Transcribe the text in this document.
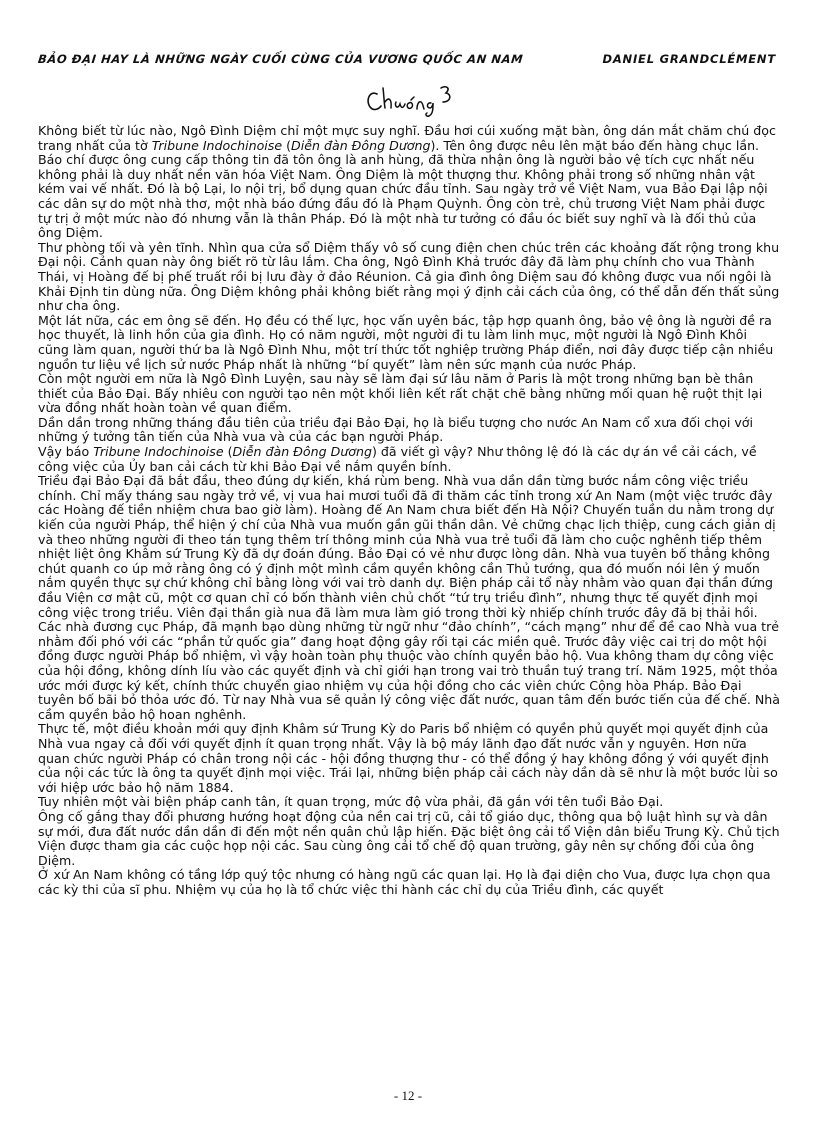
BẢO ĐẠI HAY LÀ NHỮNG NGÀY CUỐI CÙNG CỦA VƯƠNG QUỐC AN NAM	DANIEL GRANDCLÉMENT

Không biết từ lúc nào, Ngô Đình Diệm chỉ một mực suy nghĩ. Đầu hơi cúi xuống mặt bàn, ông dán mắt chăm chú đọc trang nhất của tờ Tribune Indochinoise (Diễn đàn Đông Dương). Tên ông được nêu lên mặt báo đến hàng chục lần. Báo chí được ông cung cấp thông tin đã tôn ông là anh hùng, đã thừa nhận ông là người bảo vệ tích cực nhất nếu không phải là duy nhất nền văn hóa Việt Nam. Ông Diệm là một thượng thư. Không phải trong số những nhân vật kém vai vế nhất. Đó là bộ Lại, lo nội trị, bổ dụng quan chức đầu tỉnh. Sau ngày trở về Việt Nam, vua Bảo Đại lập nội các dân sự do một nhà thơ, một nhà báo đứng đầu đó là Phạm Quỳnh. Ông còn trẻ, chủ trương Việt Nam phải được tự trị ở một mức nào đó nhưng vẫn là thân Pháp. Đó là một nhà tư tưởng có đầu óc biết suy nghĩ và là đối thủ của ông Diệm.

Thư phòng tối và yên tĩnh. Nhìn qua cửa sổ Diệm thấy vô số cung điện chen chúc trên các khoảng đất rộng trong khu Đại nội. Cảnh quan này ông biết rõ từ lâu lắm. Cha ông, Ngô Đình Khả trước đây đã làm phụ chính cho vua Thành Thái, vị Hoàng đế bị phế truất rồi bị lưu đày ở đảo Réunion. Cả gia đình ông Diệm sau đó không được vua nối ngôi là Khải Định tin dùng nữa. Ông Diệm không phải không biết rằng mọi ý định cải cách của ông, có thể dẫn đến thất sủng như cha ông.

Một lát nữa, các em ông sẽ đến. Họ đều có thế lực, học vấn uyên bác, tập hợp quanh ông, bảo vệ ông là người đề ra học thuyết, là linh hồn của gia đình. Họ có năm người, một người đi tu làm linh mục, một người là Ngô Đình Khôi cũng làm quan, người thứ ba là Ngô Đình Nhu, một trí thức tốt nghiệp trường Pháp điển, nơi đây được tiếp cận nhiều nguồn tư liệu về lịch sử nước Pháp nhất là những “bí quyết” làm nên sức mạnh của nước Pháp.

Còn một người em nữa là Ngô Đình Luyện, sau này sẽ làm đại sứ lâu năm ở Paris là một trong những bạn bè thân thiết của Bảo Đại. Bấy nhiêu con người tạo nên một khối liên kết rất chặt chẽ bằng những mối quan hệ ruột thịt lại vừa đồng nhất hoàn toàn về quan điểm.

Dần dần trong những tháng đầu tiên của triều đại Bảo Đại, họ là biểu tượng cho nước An Nam cổ xưa đối chọi với những ý tưởng tân tiến của Nhà vua và của các bạn người Pháp.

Vậy báo Tribune Indochinoise (Diễn đàn Đông Dương) đã viết gì vậy? Như thông lệ đó là các dự án về cải cách, về công việc của Ủy ban cải cách từ khi Bảo Đại về nắm quyền bính.

Triều đại Bảo Đại đã bắt đầu, theo đúng dự kiến, khá rùm beng. Nhà vua dần dần từng bước nắm công việc triều chính. Chỉ mấy tháng sau ngày trở về, vị vua hai mươi tuổi đã đi thăm các tỉnh trong xứ An Nam (một việc trước đây các Hoàng đế tiền nhiệm chưa bao giờ làm). Hoàng đế An Nam chưa biết đến Hà Nội? Chuyến tuần du nằm trong dự kiến của người Pháp, thể hiện ý chí của Nhà vua muốn gần gũi thần dân. Vẻ chững chạc lịch thiệp, cung cách giản dị và theo những người đi theo tán tụng thêm trí thông minh của Nhà vua trẻ tuổi đã làm cho cuộc nghênh tiếp thêm nhiệt liệt ông Khâm sứ Trung Kỳ đã dự đoán đúng. Bảo Đại có vẻ như được lòng dân. Nhà vua tuyên bố thẳng không chút quanh co úp mở rằng ông có ý định một mình cầm quyền không cần Thủ tướng, qua đó muốn nói lên ý muốn nắm quyền thực sự chứ không chỉ bằng lòng với vai trò danh dự. Biện pháp cải tổ này nhằm vào quan đại thần đứng đầu Viện cơ mật cũ, một cơ quan chỉ có bốn thành viên chủ chốt “tứ trụ triều đình”, nhưng thực tế quyết định mọi công việc trong triều. Viên đại thần già nua đã làm mưa làm gió trong thời kỳ nhiếp chính trước đây đã bị thải hồi.

Các nhà đương cục Pháp, đã mạnh bạo dùng những từ ngữ như “đảo chính”, “cách mạng” như để đề cao Nhà vua trẻ nhằm đối phó với các “phần tử quốc gia” đang hoạt động gây rối tại các miền quê. Trước đây việc cai trị do một hội đồng được người Pháp bổ nhiệm, vì vậy hoàn toàn phụ thuộc vào chính quyền bảo hộ. Vua không tham dự công việc của hội đồng, không dính líu vào các quyết định và chỉ giới hạn trong vai trò thuần tuý trang trí. Năm 1925, một thỏa ước mới được ký kết, chính thức chuyển giao nhiệm vụ của hội đồng cho các viên chức Cộng hòa Pháp. Bảo Đại tuyên bố bãi bỏ thỏa ước đó. Từ nay Nhà vua sẽ quản lý công việc đất nước, quan tâm đến bước tiến của đế chế. Nhà cầm quyền bảo hộ hoan nghênh.

Thực tế, một điều khoản mới quy định Khâm sứ Trung Kỳ do Paris bổ nhiệm có quyền phủ quyết mọi quyết định của Nhà vua ngay cả đối với quyết định ít quan trọng nhất. Vậy là bộ máy lãnh đạo đất nước vẫn y nguyên. Hơn nữa quan chức người Pháp có chân trong nội các - hội đồng thượng thư - có thể đồng ý hay không đồng ý với quyết định của nội các tức là ông ta quyết định mọi việc. Trái lại, những biện pháp cải cách này dần dà sẽ như là một bước lùi so với hiệp ước bảo hộ năm 1884.

Tuy nhiên một vài biện pháp canh tân, ít quan trọng, mức độ vừa phải, đã gắn với tên tuổi Bảo Đại.

Ông cố gắng thay đổi phương hướng hoạt động của nền cai trị cũ, cải tổ giáo dục, thông qua bộ luật hình sự và dân sự mới, đưa đất nước dần dần đi đến một nền quân chủ lập hiến. Đặc biệt ông cải tổ Viện dân biểu Trung Kỳ. Chủ tịch Viện được tham gia các cuộc họp nội các. Sau cùng ông cải tổ chế độ quan trường, gây nên sự chống đối của ông Diệm.

Ở xứ An Nam không có tầng lớp quý tộc nhưng có hàng ngũ các quan lại. Họ là đại diện cho Vua, được lựa chọn qua các kỳ thi của sĩ phu. Nhiệm vụ của họ là tổ chức việc thi hành các chỉ dụ của Triều đình, các quyết

- 12 -
